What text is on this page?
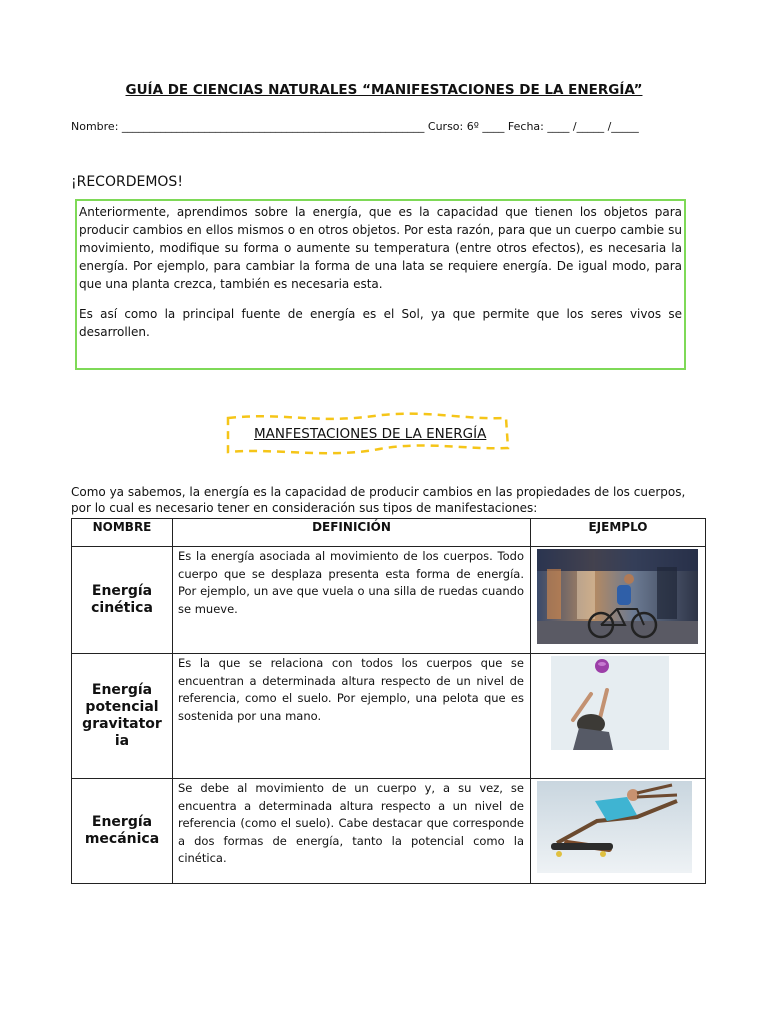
GUÍA DE CIENCIAS NATURALES “MANIFESTACIONES DE LA ENERGÍA”
Nombre: _______________________________________________________ Curso: 6º ____ Fecha: ____ /_____ /_____
¡RECORDEMOS!

Anteriormente, aprendimos sobre la energía, que es la capacidad que tienen los objetos para producir cambios en ellos mismos o en otros objetos. Por esta razón, para que un cuerpo cambie su movimiento, modifique su forma o aumente su temperatura (entre otros efectos), es necesaria la energía. Por ejemplo, para cambiar la forma de una lata se requiere energía. De igual modo, para que una planta crezca, también es necesaria esta.

Es así como la principal fuente de energía es el Sol, ya que permite que los seres vivos se desarrollen.

MANFESTACIONES DE LA ENERGÍA
Como ya sabemos, la energía es la capacidad de producir cambios en las propiedades de los cuerpos, por lo cual es necesario tener en consideración sus tipos de manifestaciones:
NOMBRE	DEFINICIÓN	EJEMPLO
Energía cinética	Es la energía asociada al movimiento de los cuerpos. Todo cuerpo que se desplaza presenta esta forma de energía. Por ejemplo, un ave que vuela o una silla de ruedas cuando se mueve.	

Energía potencial gravitator ia	Es la que se relaciona con todos los cuerpos que se encuentran a determinada altura respecto de un nivel de referencia, como el suelo. Por ejemplo, una pelota que es sostenida por una mano.	

Energía mecánica	Se debe al movimiento de un cuerpo y, a su vez, se encuentra a determinada altura respecto a un nivel de referencia (como el suelo). Cabe destacar que corresponde a dos formas de energía, tanto la potencial como la cinética.	
